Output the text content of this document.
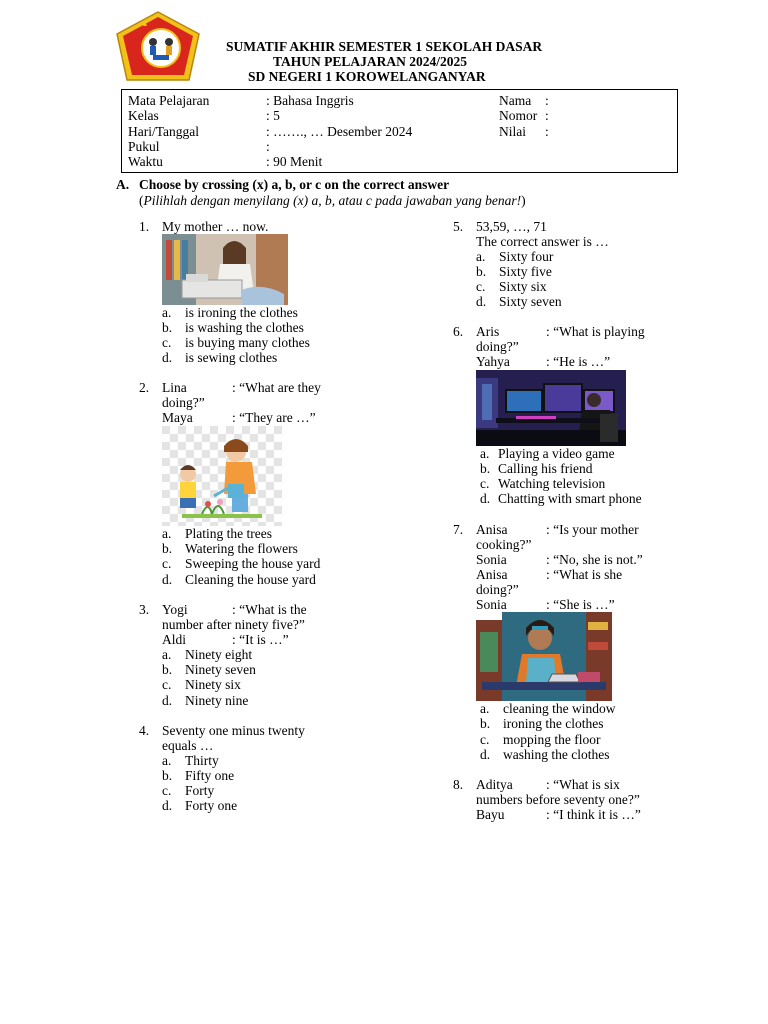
SUMATIF AKHIR SEMESTER 1 SEKOLAH DASAR
TAHUN PELAJARAN 2024/2025
SD NEGERI 1 KOROWELANGANYAR
Mata Pelajaran	: Bahasa Inggris
Kelas	: 5
Hari/Tanggal	: ……., … Desember 2024
Pukul	:
Waktu	: 90 Menit
Nama :
Nomor :
Nilai :
A. Choose by crossing (x) a, b, or c on the correct answer
(Pilihlah dengan menyilang (x) a, b, atau c pada jawaban yang benar!)
1. My mother … now.
a. is ironing the clothes
b. is washing the clothes
c. is buying many clothes
d. is sewing clothes
2. Lina	: “What are they
doing?”
Maya	: “They are …”
a. Plating the trees
b. Watering the flowers
c. Sweeping the house yard
d. Cleaning the house yard
3. Yogi	: “What is the
number after ninety five?”
Aldi	: “It is …”
a. Ninety eight
b. Ninety seven
c. Ninety six
d. Ninety nine
4. Seventy one minus twenty
equals …
a. Thirty
b. Fifty one
c. Forty
d. Forty one
5. 53,59, …, 71
The correct answer is …
a. Sixty four
b. Sixty five
c. Sixty six
d. Sixty seven
6. Aris	: “What is playing
doing?”
Yahya	: “He is …”
a. Playing a video game
b. Calling his friend
c. Watching television
d. Chatting with smart phone
7. Anisa	: “Is your mother
cooking?”
Sonia	: “No, she is not.”
Anisa	: “What is she
doing?”
Sonia	: “She is …”
a. cleaning the window
b. ironing the clothes
c. mopping the floor
d. washing the clothes
8. Aditya : “What is six
numbers before seventy one?”
Bayu	: “I think it is …”
